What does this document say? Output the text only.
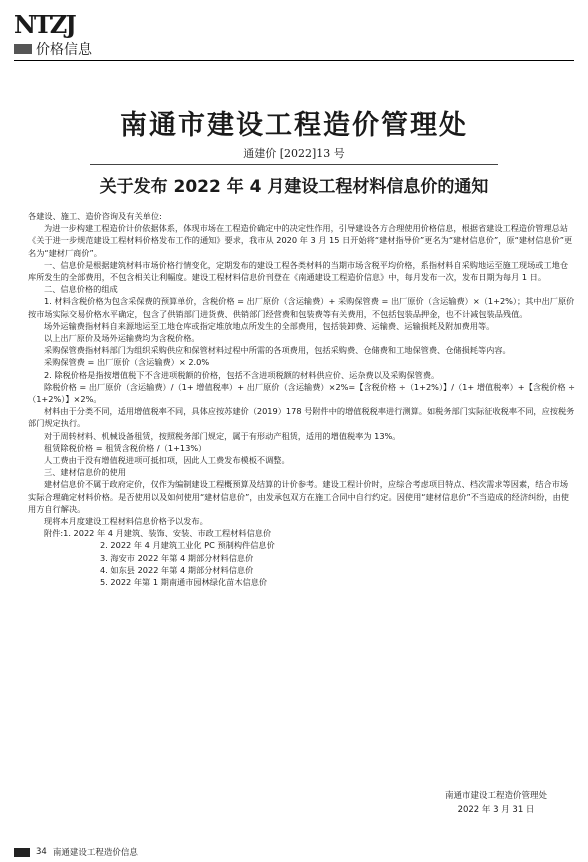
NTZJ
价格信息
南通市建设工程造价管理处
通建价 [2022]13 号
关于发布 2022 年 4 月建设工程材料信息价的通知

各建设、施工、造价咨询及有关单位:

为进一步构建工程造价计价依据体系，体现市场在工程造价确定中的决定性作用，引导建设各方合理使用价格信息，根据省建设工程造价管理总站《关于进一步规范建设工程材料价格发布工作的通知》要求，我市从 2020 年 3 月 15 日开始将“建材指导价”更名为“建材信息价”，原“建材信息价”更名为“建材厂商价”。

一、信息价是根据建筑材料市场价格行情变化，定期发布的建设工程各类材料的当期市场含税平均价格，系指材料自采购地运至施工现场或工地仓库所发生的全部费用，不包含相关让利幅度。建设工程材料信息价刊登在《南通建设工程造价信息》中，每月发布一次，发布日期为每月 1 日。

二、信息价格的组成

1. 材料含税价格为包含采保费的预算单价，含税价格 = 出厂原价（含运输费）+ 采购保管费 = 出厂原价（含运输费）×（1+2%）；其中出厂原价按市场实际交易价格水平确定，包含了供销部门进货费、供销部门经营费和包装费等有关费用，不包括包装品押金，也不计减包装品残值。

场外运输费指材料自来源地运至工地仓库或指定堆放地点所发生的全部费用，包括装卸费、运输费、运输损耗及附加费用等。

以上出厂原价及场外运输费均为含税价格。

采购保管费指材料部门为组织采购供应和保管材料过程中所需的各项费用，包括采购费、仓储费和工地保管费、仓储损耗等内容。

采购保管费 = 出厂原价（含运输费）× 2.0%

2. 除税价格是指按增值税下不含进项税额的价格，包括不含进项税额的材料供应价、运杂费以及采购保管费。

除税价格 = 出厂原价（含运输费）/（1+ 增值税率）+ 出厂原价（含运输费）×2%=【含税价格 ÷（1+2%）】/（1+ 增值税率）+【含税价格 ÷（1+2%）】×2%。

材料由于分类不同，适用增值税率不同，具体应按苏建价（2019）178 号附件中的增值税税率进行测算。如税务部门实际征收税率不同，应按税务部门规定执行。

对于周转材料、机械设备租赁，按照税务部门规定，属于有形动产租赁，适用的增值税率为 13%。

租赁除税价格 = 租赁含税价格 /（1+13%）

人工费由于没有增值税进项可抵扣项，因此人工费发布模板不调整。

三、建材信息价的使用

建材信息价不属于政府定价，仅作为编制建设工程概预算及结算的计价参考。建设工程计价时，应综合考虑项目特点、档次需求等因素，结合市场实际合理确定材料价格。是否使用以及如何使用“建材信息价”，由发承包双方在施工合同中自行约定。因使用“建材信息价”不当造成的经济纠纷，由使用方自行解决。

现将本月度建设工程材料信息价格予以发布。

附件:1. 2022 年 4 月建筑、装饰、安装、市政工程材料信息价

2. 2022 年 4 月建筑工业化 PC 预制构件信息价

3. 海安市 2022 年第 4 期部分材料信息价

4. 如东县 2022 年第 4 期部分材料信息价

5. 2022 年第 1 期南通市园林绿化苗木信息价

南通市建设工程造价管理处
2022 年 3 月 31 日
34 南通建设工程造价信息
